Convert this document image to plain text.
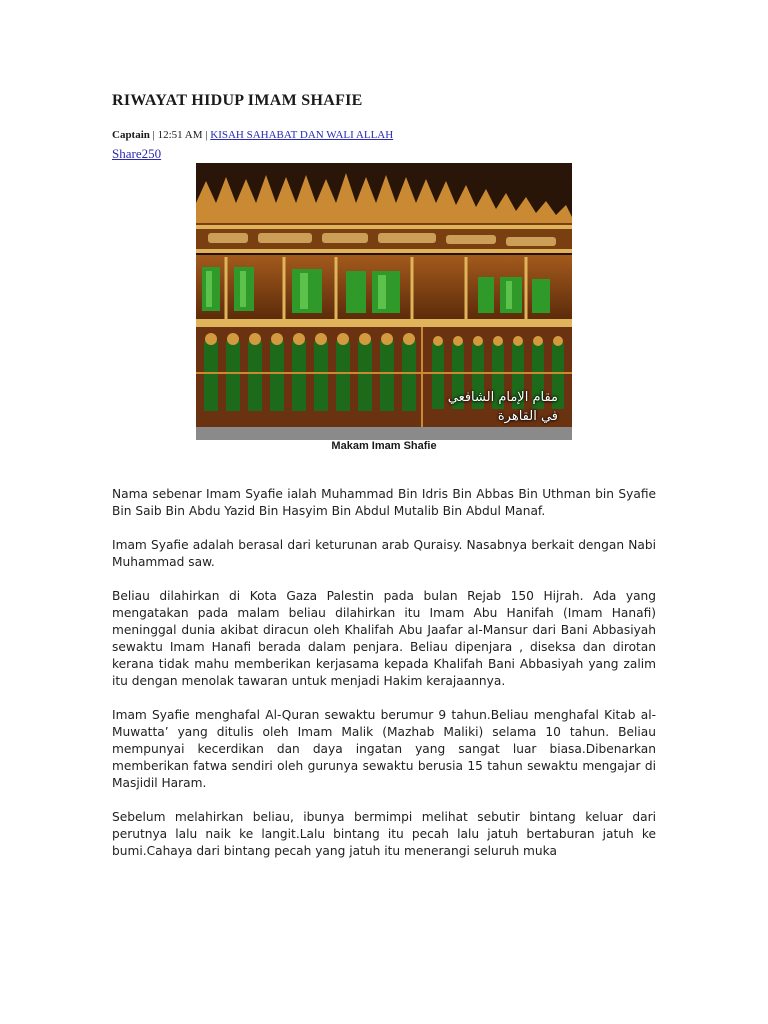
RIWAYAT HIDUP IMAM SHAFIE
Captain | 12:51 AM | KISAH SAHABAT DAN WALI ALLAH
Share250
مقام الإمام الشافعي
في القاهرة
Makam Imam Shafie

Nama sebenar Imam Syafie ialah Muhammad Bin Idris Bin Abbas Bin Uthman bin Syafie Bin Saib Bin Abdu Yazid Bin Hasyim Bin Abdul Mutalib Bin Abdul Manaf.

Imam Syafie adalah berasal dari keturunan arab Quraisy. Nasabnya berkait dengan Nabi Muhammad saw.

Beliau dilahirkan di Kota Gaza Palestin pada bulan Rejab 150 Hijrah. Ada yang mengatakan pada malam beliau dilahirkan itu Imam Abu Hanifah (Imam Hanafi) meninggal dunia akibat diracun oleh Khalifah Abu Jaafar al-Mansur dari Bani Abbasiyah sewaktu Imam Hanafi berada dalam penjara. Beliau dipenjara , diseksa dan dirotan kerana tidak mahu memberikan kerjasama kepada Khalifah Bani Abbasiyah yang zalim itu dengan menolak tawaran untuk menjadi Hakim kerajaannya.

Imam Syafie menghafal Al-Quran sewaktu berumur 9 tahun.Beliau menghafal Kitab al-Muwatta’ yang ditulis oleh Imam Malik (Mazhab Maliki) selama 10 tahun. Beliau mempunyai kecerdikan dan daya ingatan yang sangat luar biasa.Dibenarkan memberikan fatwa sendiri oleh gurunya sewaktu berusia 15 tahun sewaktu mengajar di Masjidil Haram.

Sebelum melahirkan beliau, ibunya bermimpi melihat sebutir bintang keluar dari perutnya lalu naik ke langit.Lalu bintang itu pecah lalu jatuh bertaburan jatuh ke bumi.Cahaya dari bintang pecah yang jatuh itu menerangi seluruh muka
